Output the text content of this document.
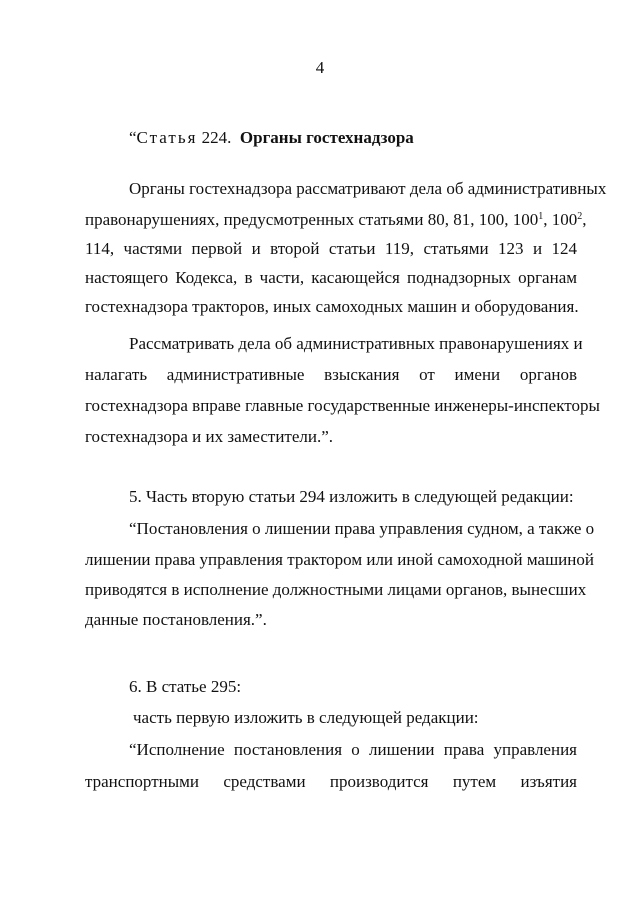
4
“Статья 224. Органы гостехнадзора
Органы гостехнадзора рассматривают дела об административных
правонарушениях, предусмотренных статьями 80, 81, 100, $100^1$, $100^2$,
114, частями первой и второй статьи 119, статьями 123 и 124
настоящего Кодекса, в части, касающейся поднадзорных органам
гостехнадзора тракторов, иных самоходных машин и оборудования.
Рассматривать дела об административных правонарушениях и
налагать административные взыскания от имени органов
гостехнадзора вправе главные государственные инженеры-инспекторы
гостехнадзора и их заместители.”.
5. Часть вторую статьи 294 изложить в следующей редакции:
“Постановления о лишении права управления судном, а также о
лишении права управления трактором или иной самоходной машиной
приводятся в исполнение должностными лицами органов, вынесших
данные постановления.”.
6. В статье 295:
часть первую изложить в следующей редакции:
“Исполнение постановления о лишении права управления
транспортными средствами производится путем изъятия
